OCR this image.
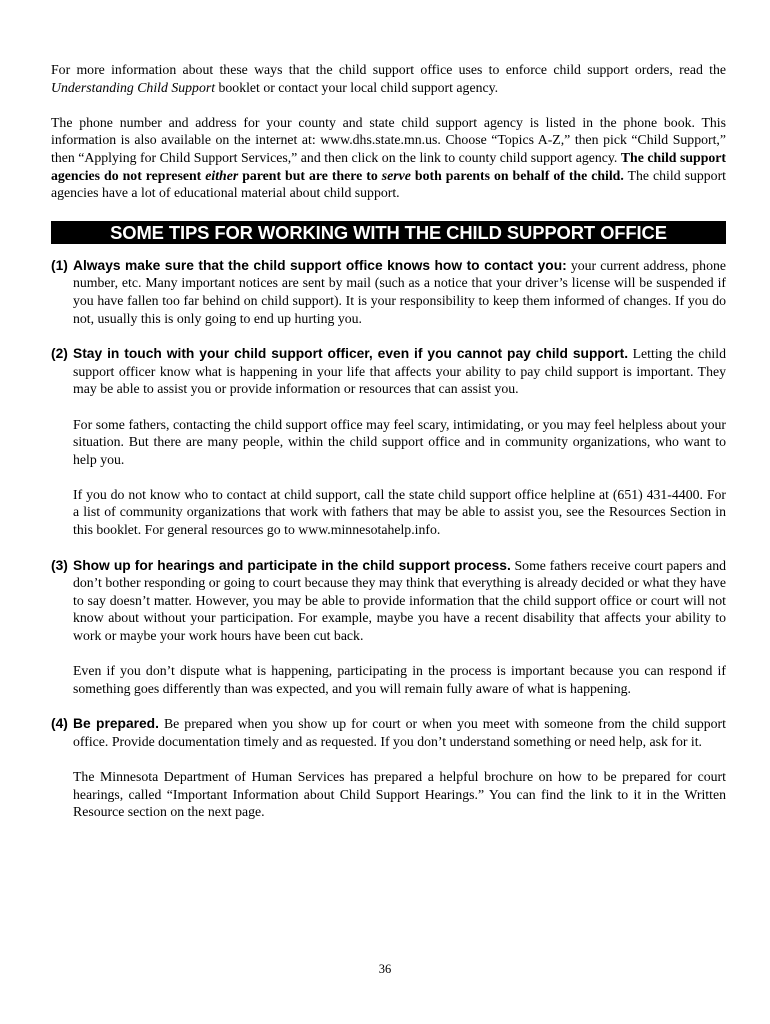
For more information about these ways that the child support office uses to enforce child support orders, read the Understanding Child Support booklet or contact your local child support agency.

The phone number and address for your county and state child support agency is listed in the phone book. This information is also available on the internet at: www.dhs.state.mn.us. Choose “Topics A-Z,” then pick “Child Support,” then “Applying for Child Support Services,” and then click on the link to county child support agency. The child support agencies do not represent either parent but are there to serve both parents on behalf of the child. The child support agencies have a lot of educational material about child support.

SOME TIPS FOR WORKING WITH THE CHILD SUPPORT OFFICE
(1) Always make sure that the child support office knows how to contact you: your current address, phone number, etc. Many important notices are sent by mail (such as a notice that your driver’s license will be suspended if you have fallen too far behind on child support). It is your responsibility to keep them informed of changes. If you do not, usually this is only going to end up hurting you.

(2) Stay in touch with your child support officer, even if you cannot pay child support. Letting the child support officer know what is happening in your life that affects your ability to pay child support is important. They may be able to assist you or provide information or resources that can assist you.

For some fathers, contacting the child support office may feel scary, intimidating, or you may feel helpless about your situation. But there are many people, within the child support office and in community organizations, who want to help you.

If you do not know who to contact at child support, call the state child support office helpline at (651) 431-4400. For a list of community organizations that work with fathers that may be able to assist you, see the Resources Section in this booklet. For general resources go to www.minnesotahelp.info.

(3) Show up for hearings and participate in the child support process. Some fathers receive court papers and don’t bother responding or going to court because they may think that everything is already decided or what they have to say doesn’t matter. However, you may be able to provide information that the child support office or court will not know about without your participation. For example, maybe you have a recent disability that affects your ability to work or maybe your work hours have been cut back.

Even if you don’t dispute what is happening, participating in the process is important because you can respond if something goes differently than was expected, and you will remain fully aware of what is happening.

(4) Be prepared. Be prepared when you show up for court or when you meet with someone from the child support office. Provide documentation timely and as requested. If you don’t understand something or need help, ask for it.

The Minnesota Department of Human Services has prepared a helpful brochure on how to be prepared for court hearings, called “Important Information about Child Support Hearings.” You can find the link to it in the Written Resource section on the next page.

36
